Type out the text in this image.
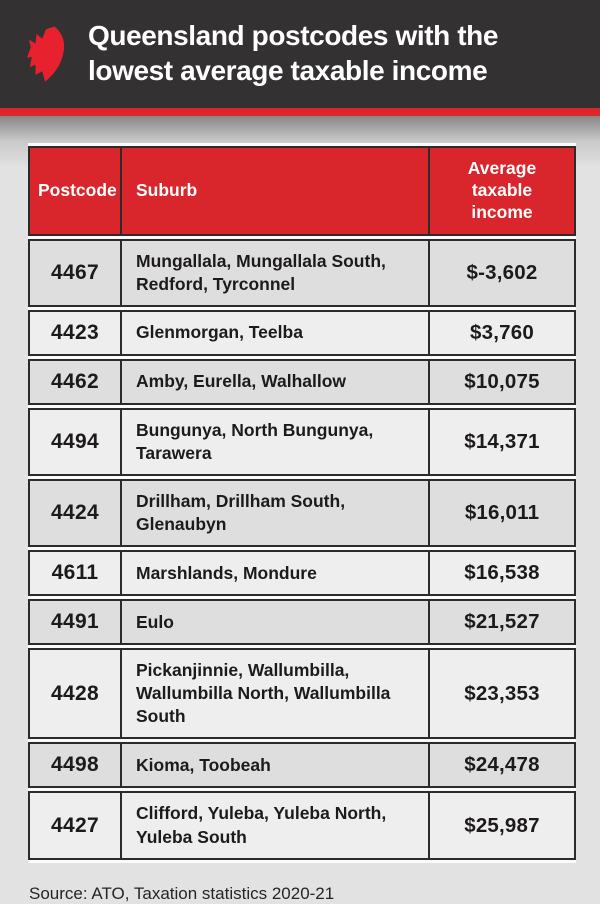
Queensland postcodes with the
lowest average taxable income
Postcode	Suburb	Average taxable income
4467	Mungallala, Mungallala South, Redford, Tyrconnel	$-3,602
4423	Glenmorgan, Teelba	$3,760
4462	Amby, Eurella, Walhallow	$10,075
4494	Bungunya, North Bungunya, Tarawera	$14,371
4424	Drillham, Drillham South, Glenaubyn	$16,011
4611	Marshlands, Mondure	$16,538
4491	Eulo	$21,527
4428	Pickanjinnie, Wallumbilla, Wallumbilla North, Wallumbilla South	$23,353
4498	Kioma, Toobeah	$24,478
4427	Clifford, Yuleba, Yuleba North, Yuleba South	$25,987

Source: ATO, Taxation statistics 2020-21
